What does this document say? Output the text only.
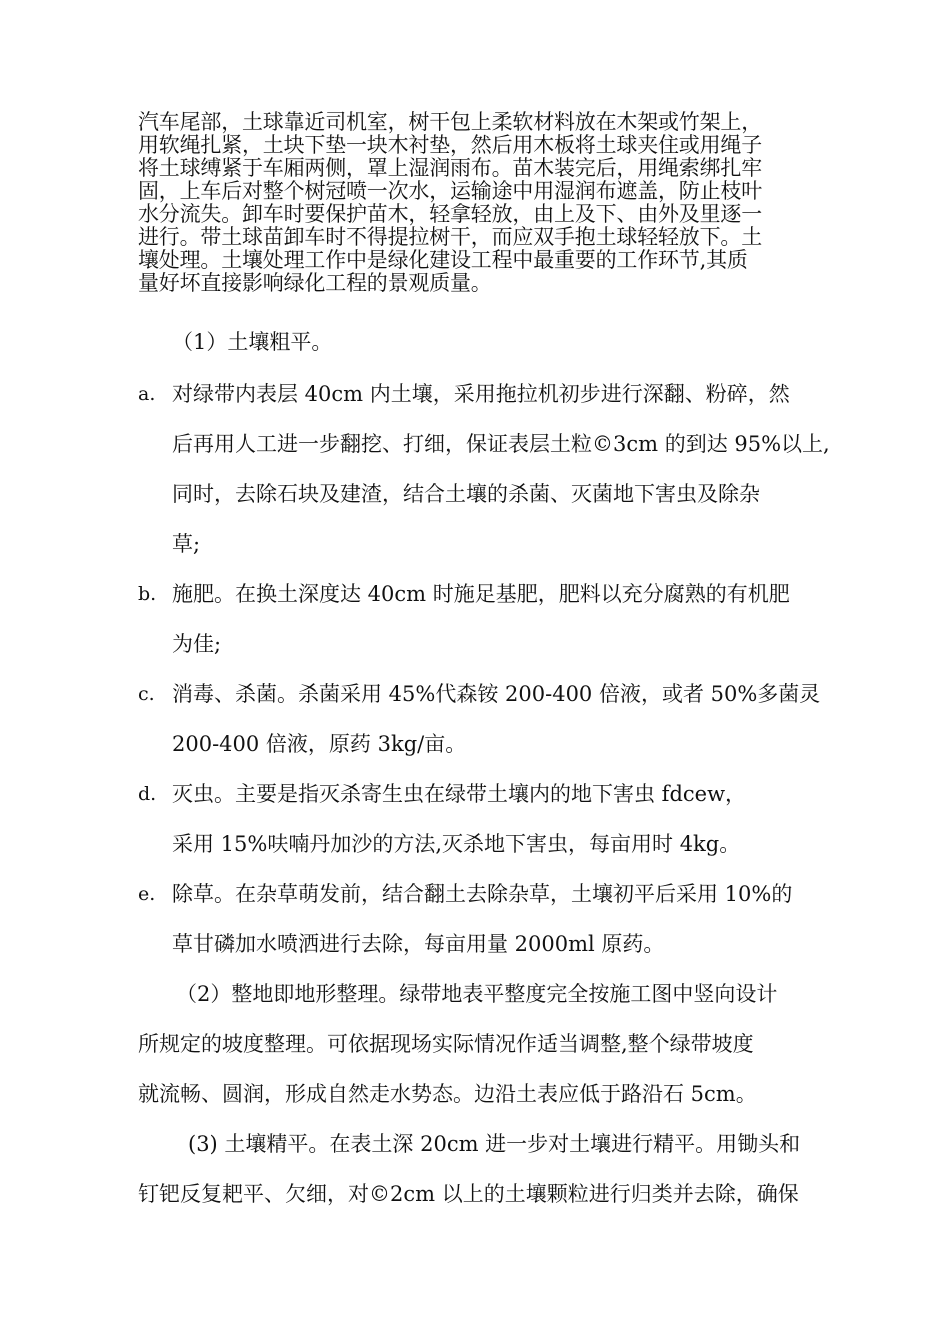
汽车尾部，土球靠近司机室，树干包上柔软材料放在木架或竹架上，
用软绳扎紧，土块下垫一块木衬垫，然后用木板将土球夹住或用绳子
将土球缚紧于车厢两侧，罩上湿润雨布。苗木装完后，用绳索绑扎牢
固，上车后对整个树冠喷一次水，运输途中用湿润布遮盖，防止枝叶
水分流失。卸车时要保护苗木，轻拿轻放，由上及下、由外及里逐一
进行。带土球苗卸车时不得提拉树干，而应双手抱土球轻轻放下。土
壤处理。土壤处理工作中是绿化建设工程中最重要的工作环节,其质
量好坏直接影响绿化工程的景观质量。
（1）土壤粗平。
a. 对绿带内表层 40cm 内土壤，采用拖拉机初步进行深翻、粉碎，然
后再用人工进一步翻挖、打细，保证表层土粒©3cm 的到达 95%以上,
同时，去除石块及建渣，结合土壤的杀菌、灭菌地下害虫及除杂
草;
b. 施肥。在换土深度达 40cm 时施足基肥，肥料以充分腐熟的有机肥
为佳;
c. 消毒、杀菌。杀菌采用 45%代森铵 200-400 倍液，或者 50%多菌灵
200-400 倍液，原药 3kg/亩。
d. 灭虫。主要是指灭杀寄生虫在绿带土壤内的地下害虫 fdcew，
采用 15%呋喃丹加沙的方法,灭杀地下害虫，每亩用时 4kg。
e. 除草。在杂草萌发前，结合翻土去除杂草，土壤初平后采用 10%的
草甘磷加水喷洒进行去除，每亩用量 2000ml 原药。
（2）整地即地形整理。绿带地表平整度完全按施工图中竖向设计
所规定的坡度整理。可依据现场实际情况作适当调整,整个绿带坡度
就流畅、圆润，形成自然走水势态。边沿土表应低于路沿石 5cm。
(3) 土壤精平。在表土深 20cm 进一步对土壤进行精平。用锄头和
钉钯反复耙平、欠细，对©2cm 以上的土壤颗粒进行归类并去除，确保
